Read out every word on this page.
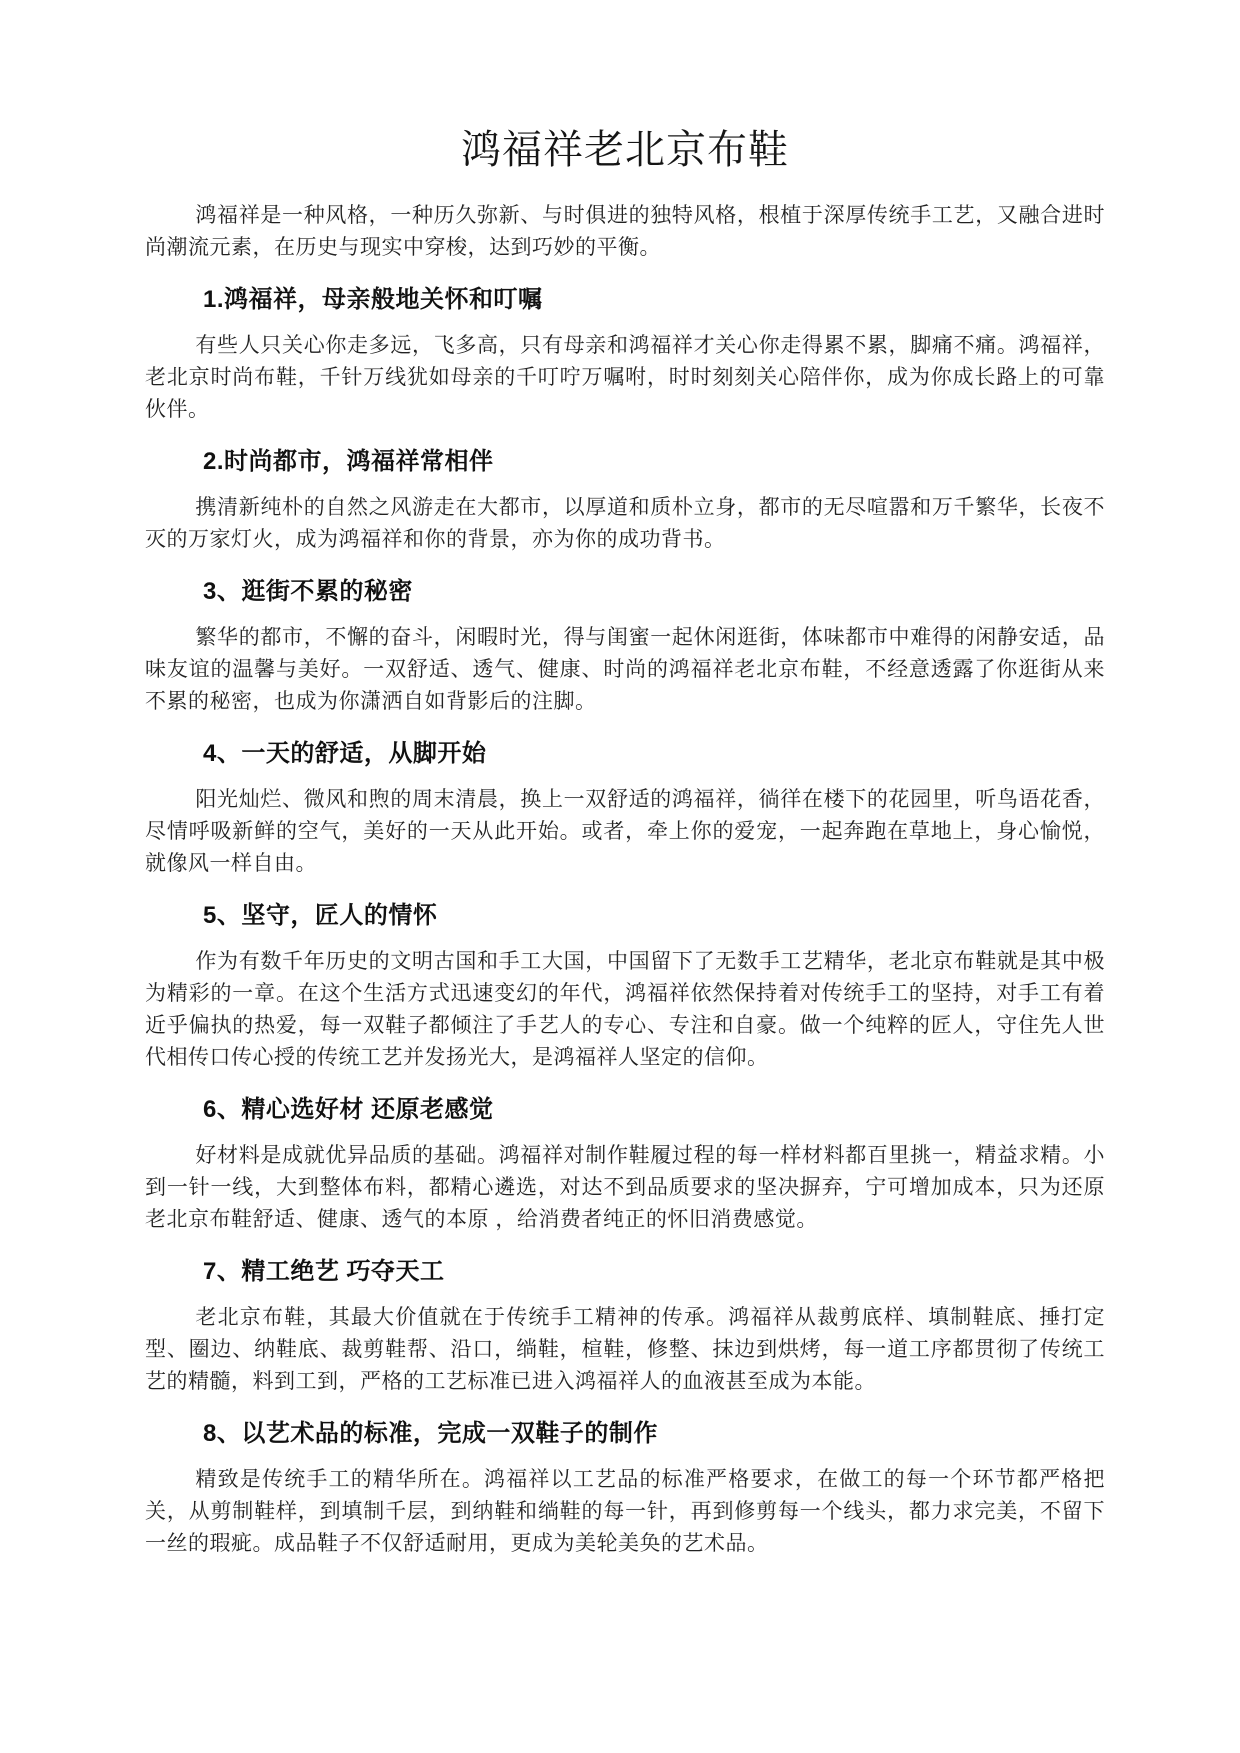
鸿福祥老北京布鞋

鸿福祥是一种风格，一种历久弥新、与时俱进的独特风格，根植于深厚传统手工艺，又融合进时尚潮流元素，在历史与现实中穿梭，达到巧妙的平衡。

1.鸿福祥，母亲般地关怀和叮嘱

有些人只关心你走多远，飞多高，只有母亲和鸿福祥才关心你走得累不累，脚痛不痛。鸿福祥，老北京时尚布鞋，千针万线犹如母亲的千叮咛万嘱咐，时时刻刻关心陪伴你，成为你成长路上的可靠伙伴。

2.时尚都市，鸿福祥常相伴

携清新纯朴的自然之风游走在大都市，以厚道和质朴立身，都市的无尽喧嚣和万千繁华，长夜不灭的万家灯火，成为鸿福祥和你的背景，亦为你的成功背书。

3、逛街不累的秘密

繁华的都市，不懈的奋斗，闲暇时光，得与闺蜜一起休闲逛街，体味都市中难得的闲静安适，品味友谊的温馨与美好。一双舒适、透气、健康、时尚的鸿福祥老北京布鞋，不经意透露了你逛街从来不累的秘密，也成为你潇洒自如背影后的注脚。

4、一天的舒适，从脚开始

阳光灿烂、微风和煦的周末清晨，换上一双舒适的鸿福祥，徜徉在楼下的花园里，听鸟语花香，尽情呼吸新鲜的空气，美好的一天从此开始。或者，牵上你的爱宠，一起奔跑在草地上，身心愉悦，就像风一样自由。

5、坚守，匠人的情怀

作为有数千年历史的文明古国和手工大国，中国留下了无数手工艺精华，老北京布鞋就是其中极为精彩的一章。在这个生活方式迅速变幻的年代，鸿福祥依然保持着对传统手工的坚持，对手工有着近乎偏执的热爱，每一双鞋子都倾注了手艺人的专心、专注和自豪。做一个纯粹的匠人，守住先人世代相传口传心授的传统工艺并发扬光大，是鸿福祥人坚定的信仰。

6、精心选好材 还原老感觉

好材料是成就优异品质的基础。鸿福祥对制作鞋履过程的每一样材料都百里挑一，精益求精。小到一针一线，大到整体布料，都精心遴选，对达不到品质要求的坚决摒弃，宁可增加成本，只为还原老北京布鞋舒适、健康、透气的本原 ，给消费者纯正的怀旧消费感觉。

7、精工绝艺 巧夺天工

老北京布鞋，其最大价值就在于传统手工精神的传承。鸿福祥从裁剪底样、填制鞋底、捶打定型、圈边、纳鞋底、裁剪鞋帮、沿口，绱鞋，楦鞋，修整、抹边到烘烤，每一道工序都贯彻了传统工艺的精髓，料到工到，严格的工艺标准已进入鸿福祥人的血液甚至成为本能。

8、以艺术品的标准，完成一双鞋子的制作

精致是传统手工的精华所在。鸿福祥以工艺品的标准严格要求，在做工的每一个环节都严格把关，从剪制鞋样，到填制千层，到纳鞋和绱鞋的每一针，再到修剪每一个线头，都力求完美，不留下一丝的瑕疵。成品鞋子不仅舒适耐用，更成为美轮美奂的艺术品。
